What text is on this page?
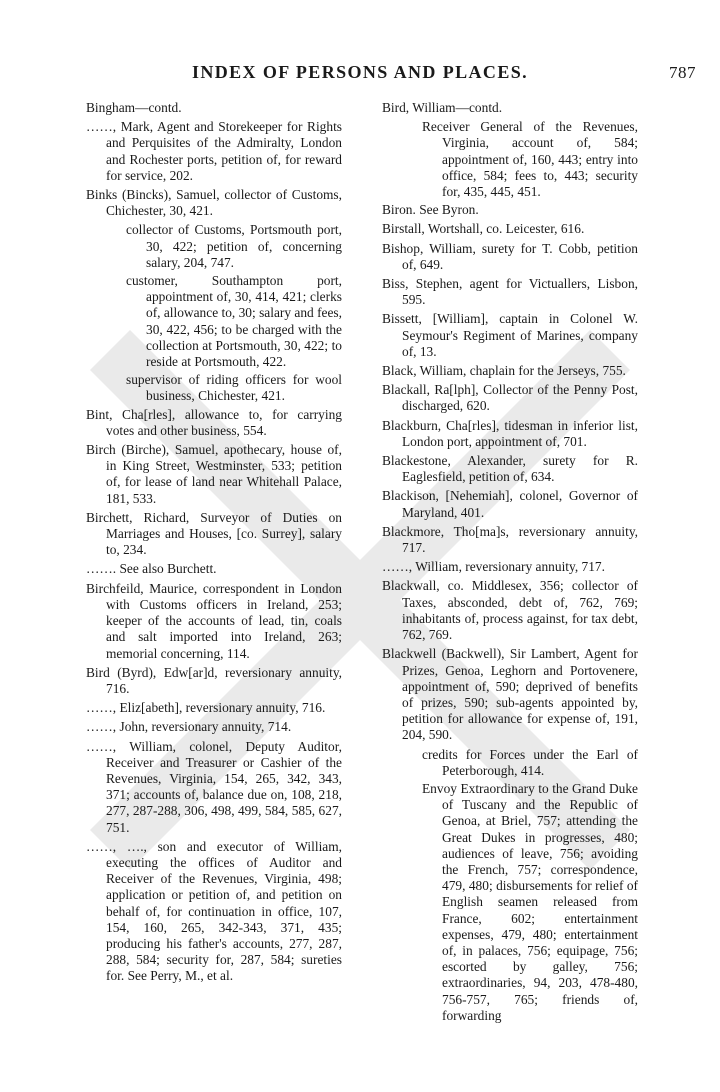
INDEX OF PERSONS AND PLACES.	787

Bingham—contd.

……, Mark, Agent and Storekeeper for Rights and Perquisites of the Admiralty, London and Rochester ports, petition of, for reward for service, 202.

Binks (Bincks), Samuel, collector of Customs, Chichester, 30, 421.

collector of Customs, Portsmouth port, 30, 422; petition of, concerning salary, 204, 747.

customer, Southampton port, appointment of, 30, 414, 421; clerks of, allowance to, 30; salary and fees, 30, 422, 456; to be charged with the collection at Portsmouth, 30, 422; to reside at Portsmouth, 422.

supervisor of riding officers for wool business, Chichester, 421.

Bint, Cha[rles], allowance to, for carrying votes and other business, 554.

Birch (Birche), Samuel, apothecary, house of, in King Street, Westminster, 533; petition of, for lease of land near Whitehall Palace, 181, 533.

Birchett, Richard, Surveyor of Duties on Marriages and Houses, [co. Surrey], salary to, 234.

……. See also Burchett.

Birchfeild, Maurice, correspondent in London with Customs officers in Ireland, 253; keeper of the accounts of lead, tin, coals and salt imported into Ireland, 263; memorial concerning, 114.

Bird (Byrd), Edw[ar]d, reversionary annuity, 716.

……, Eliz[abeth], reversionary annuity, 716.

……, John, reversionary annuity, 714.

……, William, colonel, Deputy Auditor, Receiver and Treasurer or Cashier of the Revenues, Virginia, 154, 265, 342, 343, 371; accounts of, balance due on, 108, 218, 277, 287-288, 306, 498, 499, 584, 585, 627, 751.

……, …., son and executor of William, executing the offices of Auditor and Receiver of the Revenues, Virginia, 498; application or petition of, and petition on behalf of, for continuation in office, 107, 154, 160, 265, 342-343, 371, 435; producing his father's accounts, 277, 287, 288, 584; security for, 287, 584; sureties for. See Perry, M., et al.

Bird, William—contd.

Receiver General of the Revenues, Virginia, account of, 584; appointment of, 160, 443; entry into office, 584; fees to, 443; security for, 435, 445, 451.

Biron. See Byron.

Birstall, Wortshall, co. Leicester, 616.

Bishop, William, surety for T. Cobb, petition of, 649.

Biss, Stephen, agent for Victuallers, Lisbon, 595.

Bissett, [William], captain in Colonel W. Seymour's Regiment of Marines, company of, 13.

Black, William, chaplain for the Jerseys, 755.

Blackall, Ra[lph], Collector of the Penny Post, discharged, 620.

Blackburn, Cha[rles], tidesman in inferior list, London port, appointment of, 701.

Blackestone, Alexander, surety for R. Eaglesfield, petition of, 634.

Blackison, [Nehemiah], colonel, Governor of Maryland, 401.

Blackmore, Tho[ma]s, reversionary annuity, 717.

……, William, reversionary annuity, 717.

Blackwall, co. Middlesex, 356; collector of Taxes, absconded, debt of, 762, 769; inhabitants of, process against, for tax debt, 762, 769.

Blackwell (Backwell), Sir Lambert, Agent for Prizes, Genoa, Leghorn and Portovenere, appointment of, 590; deprived of benefits of prizes, 590; sub-agents appointed by, petition for allowance for expense of, 191, 204, 590.

credits for Forces under the Earl of Peterborough, 414.

Envoy Extraordinary to the Grand Duke of Tuscany and the Republic of Genoa, at Briel, 757; attending the Great Dukes in progresses, 480; audiences of leave, 756; avoiding the French, 757; correspondence, 479, 480; disbursements for relief of English seamen released from France, 602; entertainment expenses, 479, 480; entertainment of, in palaces, 756; equipage, 756; escorted by galley, 756; extraordinaries, 94, 203, 478-480, 756-757, 765; friends of, forwarding
